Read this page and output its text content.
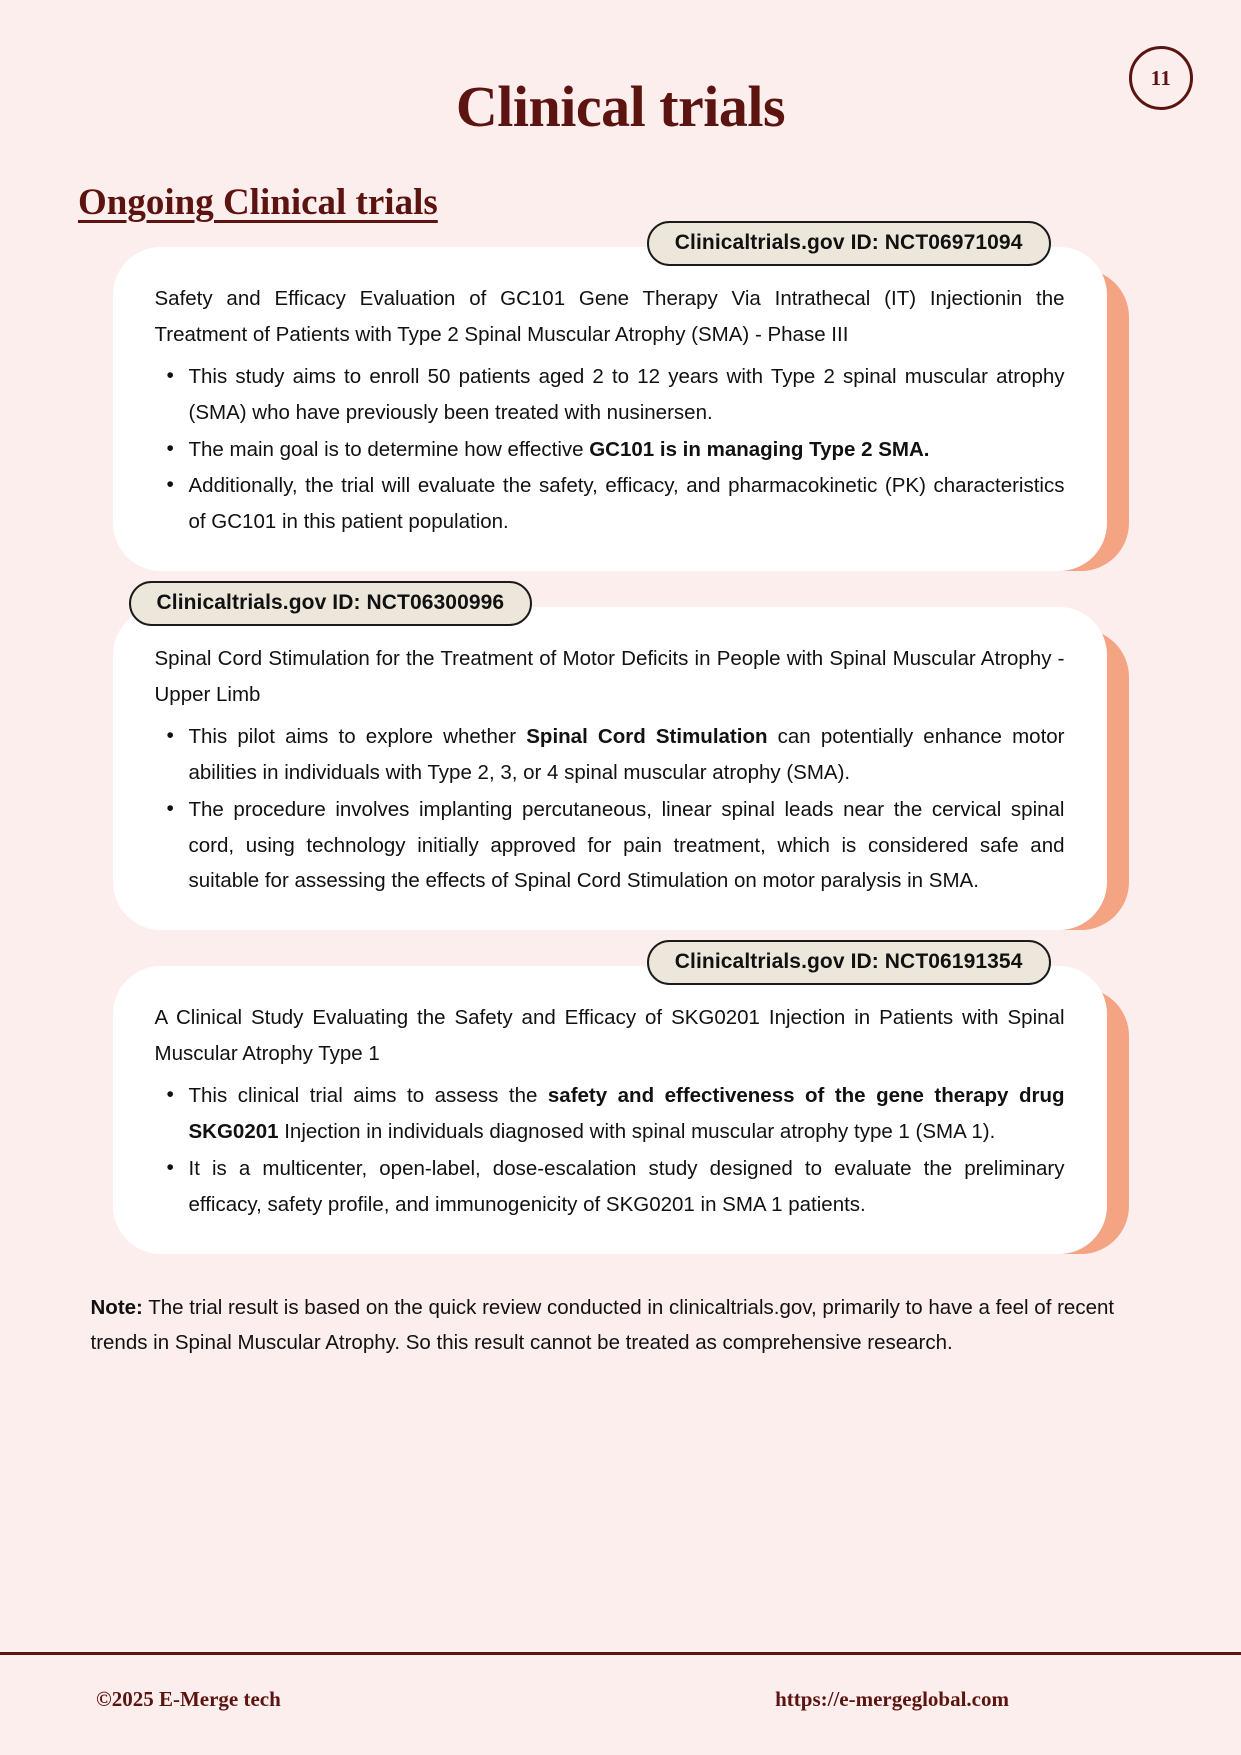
11
Clinical trials
Ongoing Clinical trials
Clinicaltrials.gov ID: NCT06971094

Safety and Efficacy Evaluation of GC101 Gene Therapy Via Intrathecal (IT) Injectionin the Treatment of Patients with Type 2 Spinal Muscular Atrophy (SMA) - Phase III

• This study aims to enroll 50 patients aged 2 to 12 years with Type 2 spinal muscular atrophy (SMA) who have previously been treated with nusinersen.
• The main goal is to determine how effective GC101 is in managing Type 2 SMA.
• Additionally, the trial will evaluate the safety, efficacy, and pharmacokinetic (PK) characteristics of GC101 in this patient population.
Clinicaltrials.gov ID: NCT06300996

Spinal Cord Stimulation for the Treatment of Motor Deficits in People with Spinal Muscular Atrophy - Upper Limb

• This pilot aims to explore whether Spinal Cord Stimulation can potentially enhance motor abilities in individuals with Type 2, 3, or 4 spinal muscular atrophy (SMA).
• The procedure involves implanting percutaneous, linear spinal leads near the cervical spinal cord, using technology initially approved for pain treatment, which is considered safe and suitable for assessing the effects of Spinal Cord Stimulation on motor paralysis in SMA.
Clinicaltrials.gov ID: NCT06191354

A Clinical Study Evaluating the Safety and Efficacy of SKG0201 Injection in Patients with Spinal Muscular Atrophy Type 1

• This clinical trial aims to assess the safety and effectiveness of the gene therapy drug SKG0201 Injection in individuals diagnosed with spinal muscular atrophy type 1 (SMA 1).
• It is a multicenter, open-label, dose-escalation study designed to evaluate the preliminary efficacy, safety profile, and immunogenicity of SKG0201 in SMA 1 patients.
Note: The trial result is based on the quick review conducted in clinicaltrials.gov, primarily to have a feel of recent trends in Spinal Muscular Atrophy. So this result cannot be treated as comprehensive research.
©2025 E-Merge tech	https://e-mergeglobal.com
